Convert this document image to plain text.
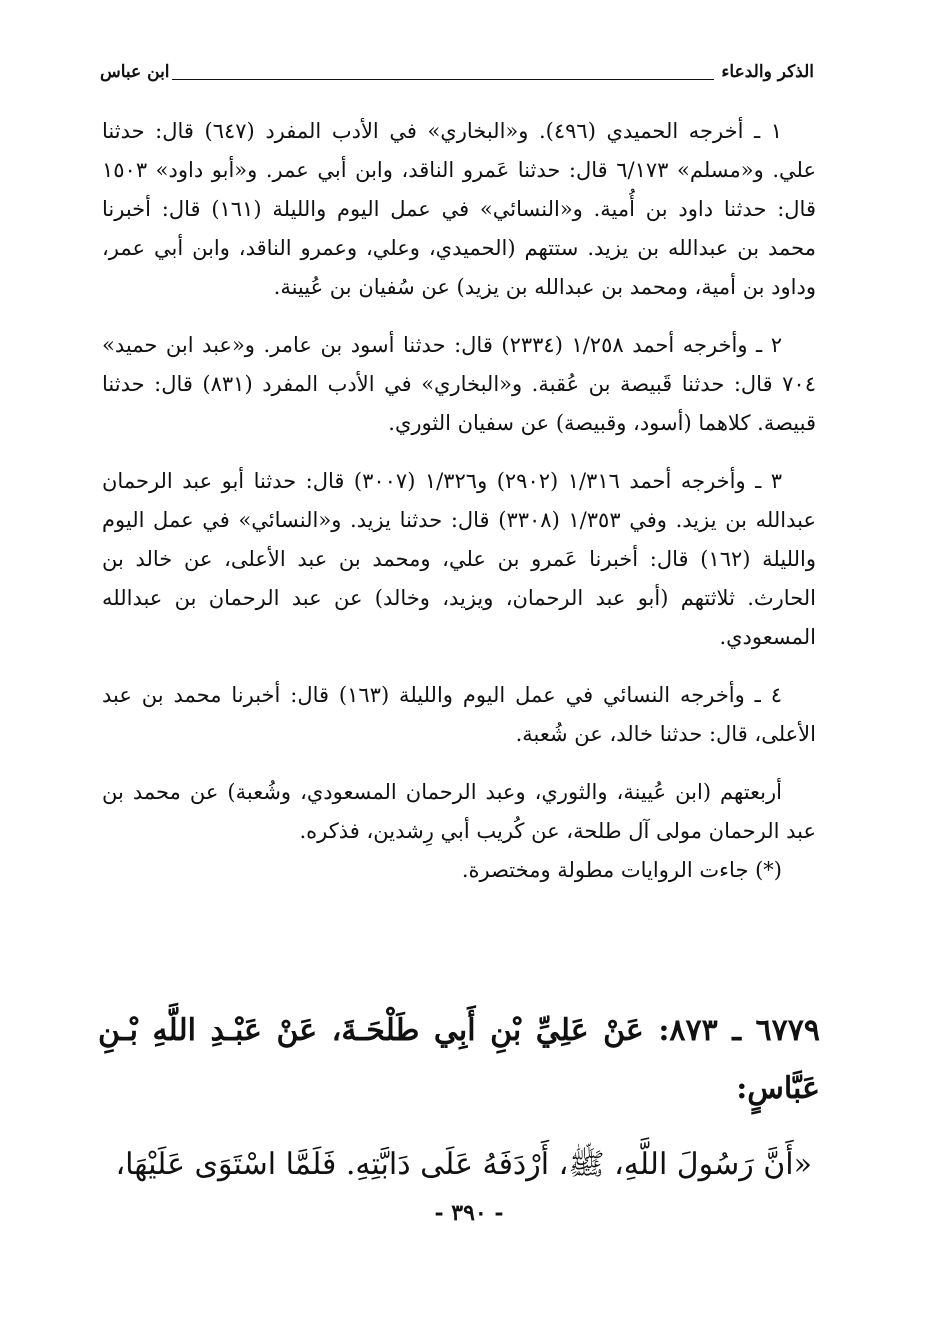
الذكر والدعاء
ابن عباس

١ ـ أخرجه الحميدي (٤٩٦). و«البخاري» في الأدب المفرد (٦٤٧) قال: حدثنا علي. و«مسلم» ٦/١٧٣ قال: حدثنا عَمرو الناقد، وابن أبي عمر. و«أبو داود» ١٥٠٣ قال: حدثنا داود بن أُمية. و«النسائي» في عمل اليوم والليلة (١٦١) قال: أخبرنا محمد بن عبدالله بن يزيد. ستتهم (الحميدي، وعلي، وعمرو الناقد، وابن أبي عمر، وداود بن أمية، ومحمد بن عبدالله بن يزيد) عن سُفيان بن عُيينة.

٢ ـ وأخرجه أحمد ١/٢٥٨ (٢٣٣٤) قال: حدثنا أسود بن عامر. و«عبد ابن حميد» ٧٠٤ قال: حدثنا قَبيصة بن عُقبة. و«البخاري» في الأدب المفرد (٨٣١) قال: حدثنا قبيصة. كلاهما (أسود، وقبيصة) عن سفيان الثوري.

٣ ـ وأخرجه أحمد ١/٣١٦ (٢٩٠٢) و١/٣٢٦ (٣٠٠٧) قال: حدثنا أبو عبد الرحمان عبدالله بن يزيد. وفي ١/٣٥٣ (٣٣٠٨) قال: حدثنا يزيد. و«النسائي» في عمل اليوم والليلة (١٦٢) قال: أخبرنا عَمرو بن علي، ومحمد بن عبد الأعلى، عن خالد بن الحارث. ثلاثتهم (أبو عبد الرحمان، ويزيد، وخالد) عن عبد الرحمان بن عبدالله المسعودي.

٤ ـ وأخرجه النسائي في عمل اليوم والليلة (١٦٣) قال: أخبرنا محمد بن عبد الأعلى، قال: حدثنا خالد، عن شُعبة.

أربعتهم (ابن عُيينة، والثوري، وعبد الرحمان المسعودي، وشُعبة) عن محمد بن عبد الرحمان مولى آل طلحة، عن كُريب أبي رِشدين، فذكره.

(*) جاءت الروايات مطولة ومختصرة.

٦٧٧٩ ـ ٨٧٣: عَنْ عَلِيِّ بْنِ أَبِي طَلْحَـةَ، عَنْ عَبْـدِ اللَّهِ بْـنِ عَبَّاسٍ:

«أَنَّ رَسُولَ اللَّهِ، ﷺ، أَرْدَفَهُ عَلَى دَابَّتِهِ. فَلَمَّا اسْتَوَى عَلَيْهَا،

- ٣٩٠ -
